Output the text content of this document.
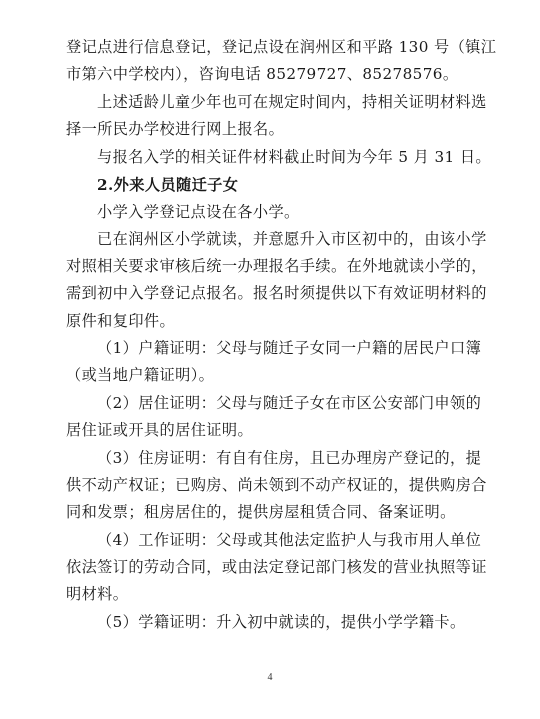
登记点进行信息登记，登记点设在润州区和平路 130 号（镇江
市第六中学校内），咨询电话 85279727、85278576。

上述适龄儿童少年也可在规定时间内，持相关证明材料选
择一所民办学校进行网上报名。

与报名入学的相关证件材料截止时间为今年 5 月 31 日。

2.外来人员随迁子女

小学入学登记点设在各小学。

已在润州区小学就读，并意愿升入市区初中的，由该小学
对照相关要求审核后统一办理报名手续。在外地就读小学的，
需到初中入学登记点报名。报名时须提供以下有效证明材料的
原件和复印件。

（1）户籍证明：父母与随迁子女同一户籍的居民户口簿
（或当地户籍证明）。

（2）居住证明：父母与随迁子女在市区公安部门申领的
居住证或开具的居住证明。

（3）住房证明：有自有住房，且已办理房产登记的，提
供不动产权证；已购房、尚未领到不动产权证的，提供购房合
同和发票；租房居住的，提供房屋租赁合同、备案证明。

（4）工作证明：父母或其他法定监护人与我市用人单位
依法签订的劳动合同，或由法定登记部门核发的营业执照等证
明材料。

（5）学籍证明：升入初中就读的，提供小学学籍卡。

4
